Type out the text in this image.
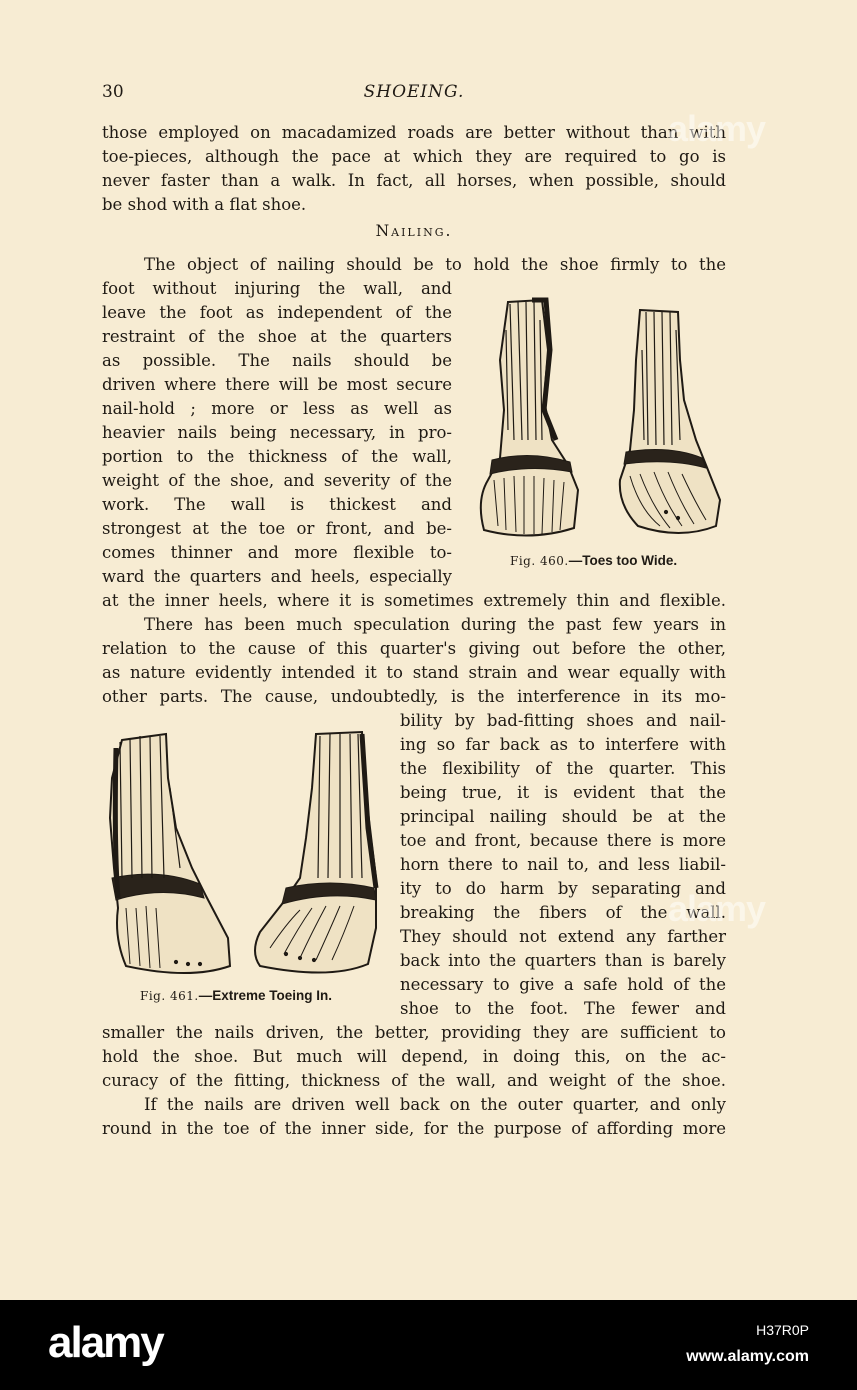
30	SHOEING.
those employed on macadamized roads are better without than with
toe-pieces, although the pace at which they are required to go is
never faster than a walk. In fact, all horses, when possible, should
be shod with a flat shoe.
Nailing.
The object of nailing should be to hold the shoe firmly to the
foot without injuring the wall, and
leave the foot as independent of the
restraint of the shoe at the quarters
as possible. The nails should be
driven where there will be most secure
nail-hold ; more or less as well as
heavier nails being necessary, in pro-
portion to the thickness of the wall,
weight of the shoe, and severity of the
work. The wall is thickest and
strongest at the toe or front, and be-
comes thinner and more flexible to-
ward the quarters and heels, especially
at the inner heels, where it is sometimes extremely thin and flexible.
Fig. 460.—Toes too Wide.
There has been much speculation during the past few years in
relation to the cause of this quarter's giving out before the other,
as nature evidently intended it to stand strain and wear equally with
other parts. The cause, undoubtedly, is the interference in its mo-
bility by bad-fitting shoes and nail-
ing so far back as to interfere with
the flexibility of the quarter. This
being true, it is evident that the
principal nailing should be at the
toe and front, because there is more
horn there to nail to, and less liabil-
ity to do harm by separating and
breaking the fibers of the wall.
They should not extend any farther
back into the quarters than is barely
necessary to give a safe hold of the
shoe to the foot. The fewer and
smaller the nails driven, the better, providing they are sufficient to
hold the shoe. But much will depend, in doing this, on the ac-
curacy of the fitting, thickness of the wall, and weight of the shoe.
Fig. 461.—Extreme Toeing In.
If the nails are driven well back on the outer quarter, and only
round in the toe of the inner side, for the purpose of affording more
alamy
alamy
alamy	H37R0P
www.alamy.com
